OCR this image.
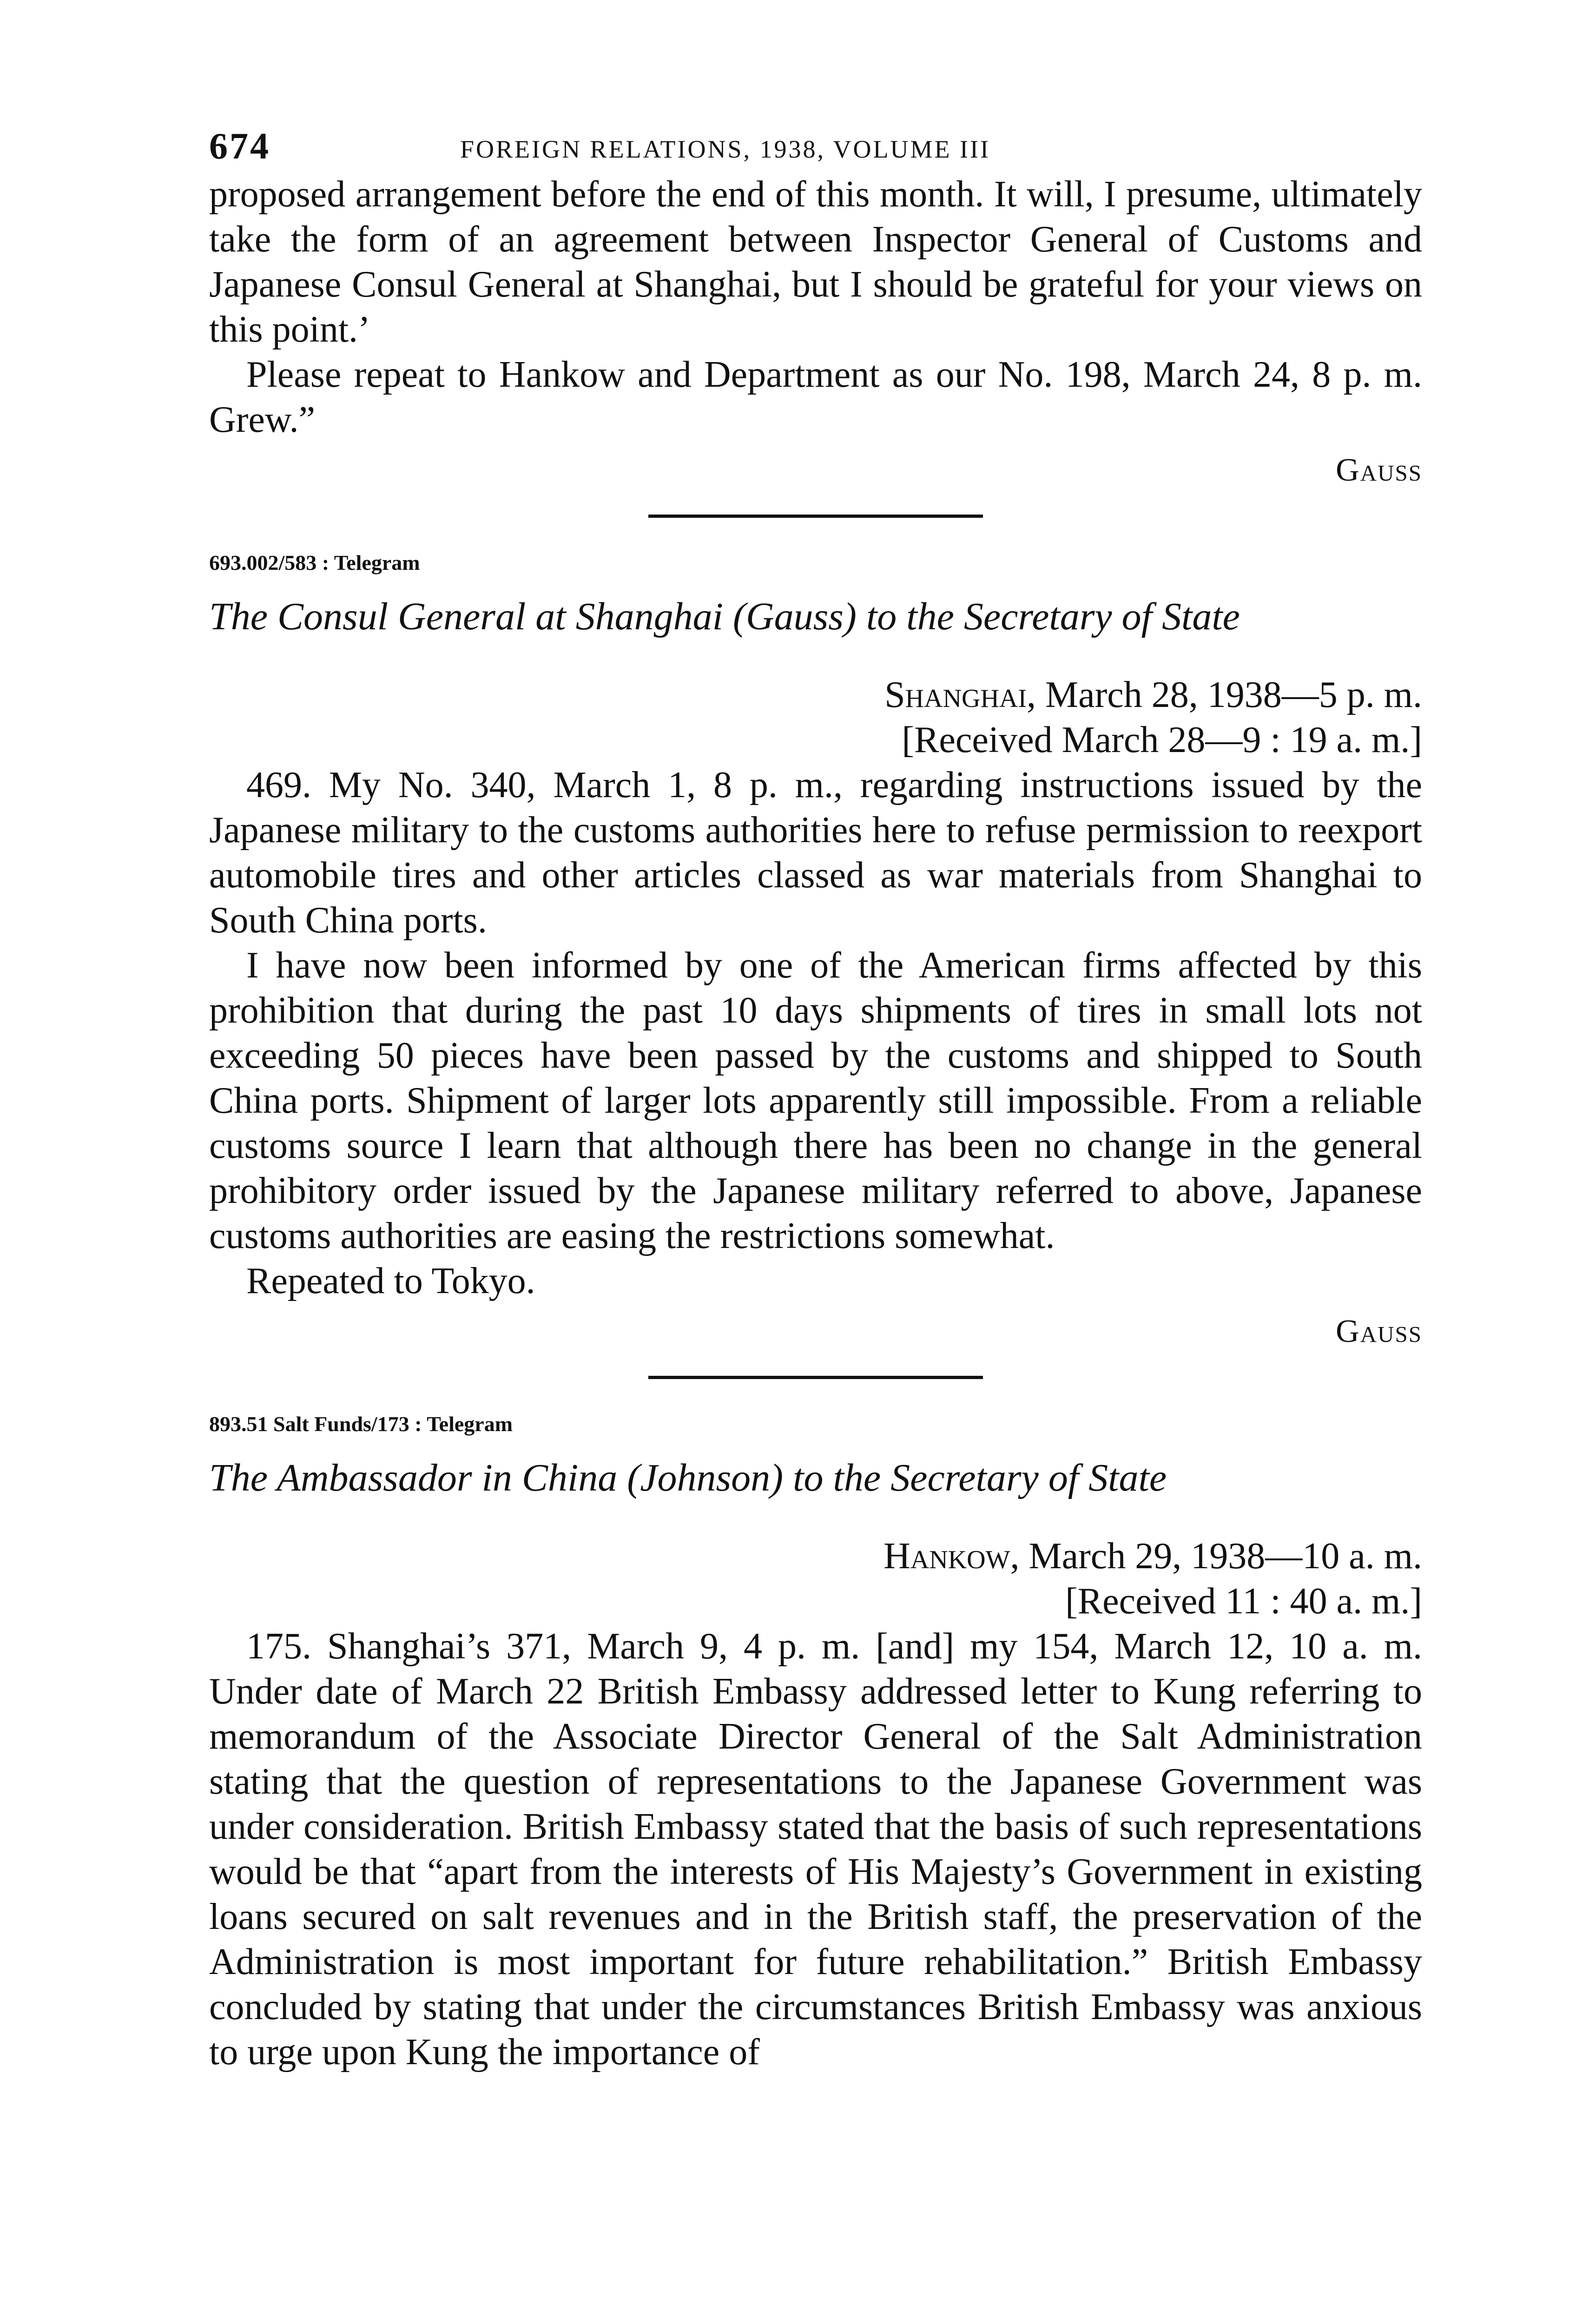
674	FOREIGN RELATIONS, 1938, VOLUME III

proposed arrangement before the end of this month. It will, I presume, ultimately take the form of an agreement between Inspector General of Customs and Japanese Consul General at Shanghai, but I should be grateful for your views on this point.’

Please repeat to Hankow and Department as our No. 198, March 24, 8 p. m. Grew.”

Gauss
693.002/583 : Telegram
The Consul General at Shanghai (Gauss) to the Secretary of State
Shanghai, March 28, 1938—5 p. m.
[Received March 28—9 : 19 a. m.]

469. My No. 340, March 1, 8 p. m., regarding instructions issued by the Japanese military to the customs authorities here to refuse permission to reexport automobile tires and other articles classed as war materials from Shanghai to South China ports.

I have now been informed by one of the American firms affected by this prohibition that during the past 10 days shipments of tires in small lots not exceeding 50 pieces have been passed by the customs and shipped to South China ports. Shipment of larger lots apparently still impossible. From a reliable customs source I learn that although there has been no change in the general prohibitory order issued by the Japanese military referred to above, Japanese customs authorities are easing the restrictions somewhat.

Repeated to Tokyo.

Gauss
893.51 Salt Funds/173 : Telegram
The Ambassador in China (Johnson) to the Secretary of State
Hankow, March 29, 1938—10 a. m.
[Received 11 : 40 a. m.]

175. Shanghai’s 371, March 9, 4 p. m. [and] my 154, March 12, 10 a. m. Under date of March 22 British Embassy addressed letter to Kung referring to memorandum of the Associate Director General of the Salt Administration stating that the question of representations to the Japanese Government was under consideration. British Embassy stated that the basis of such representations would be that “apart from the interests of His Majesty’s Government in existing loans secured on salt revenues and in the British staff, the preservation of the Administration is most important for future rehabilitation.” British Embassy concluded by stating that under the circumstances British Embassy was anxious to urge upon Kung the importance of
